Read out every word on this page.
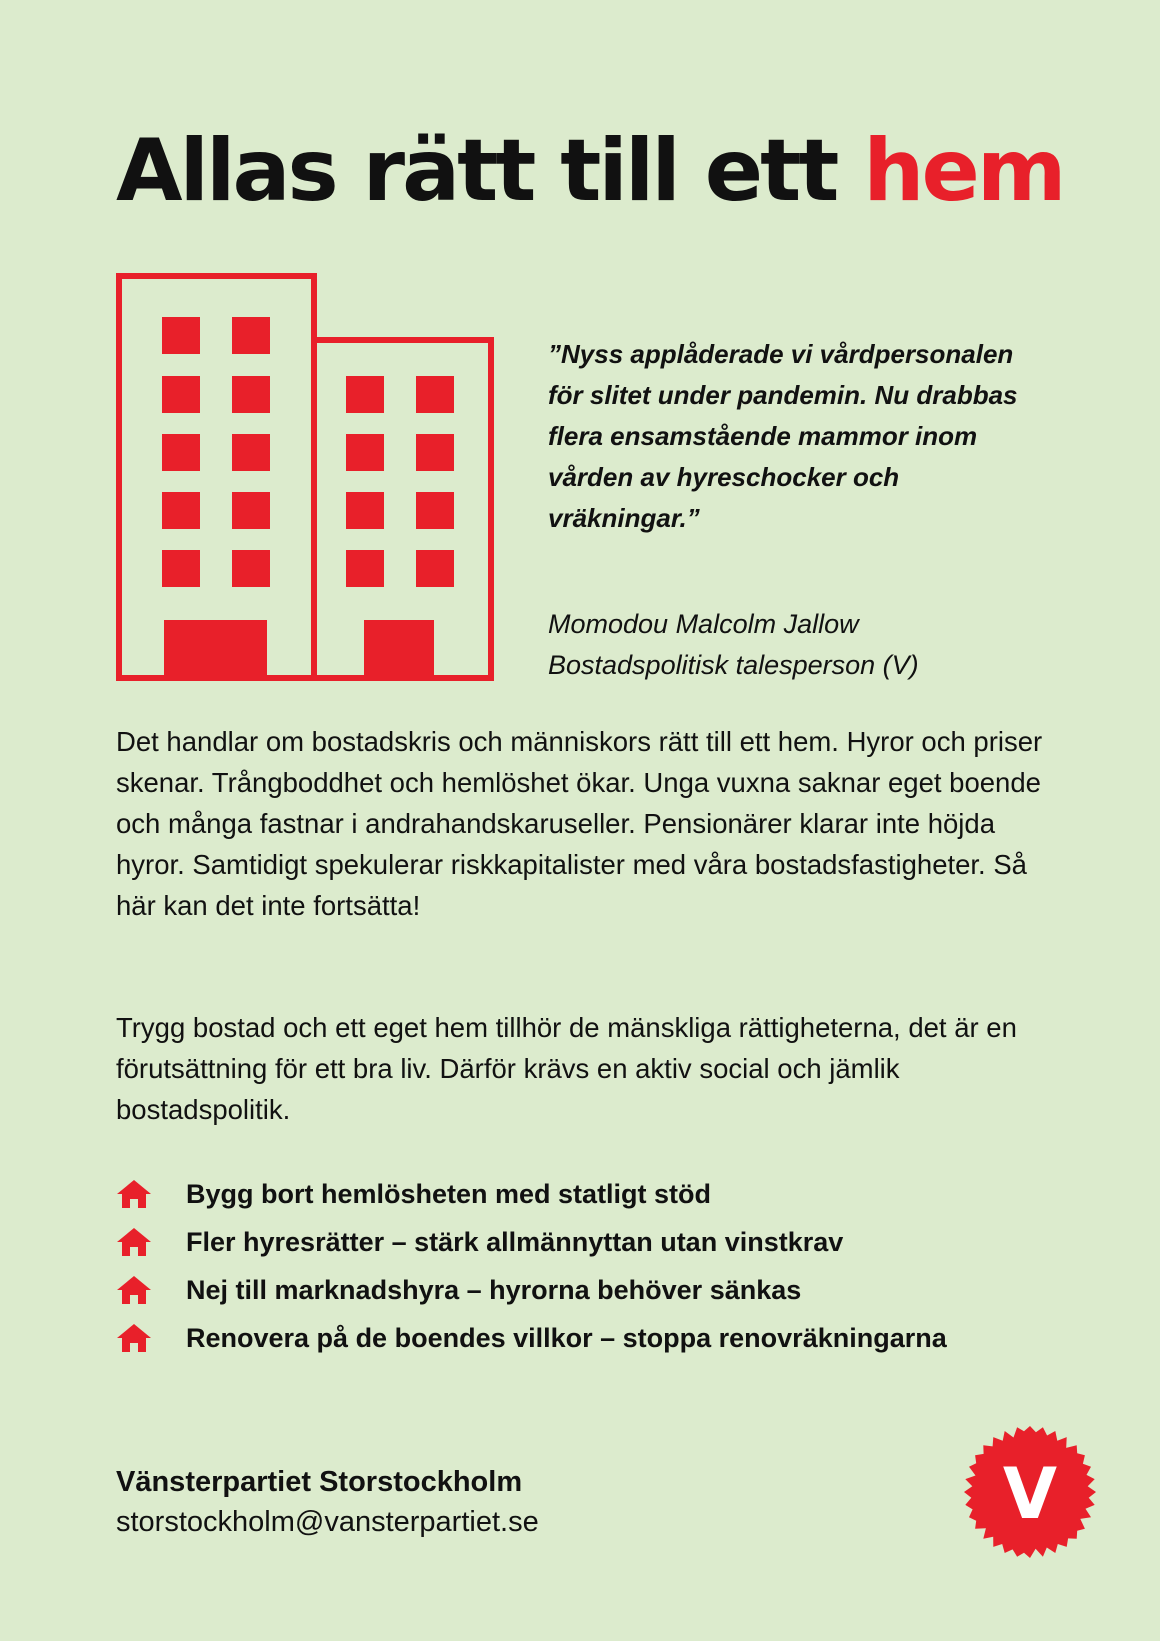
Allas rätt till ett hem

”Nyss applåderade vi vårdpersonalen för slitet under pandemin. Nu drabbas flera ensamstående mammor inom vården av hyreschocker och vräkningar.”

Momodou Malcolm Jallow
Bostadspolitisk talesperson (V)

Det handlar om bostadskris och människors rätt till ett hem. Hyror och priser skenar. Trångboddhet och hemlöshet ökar. Unga vuxna saknar eget boende och många fastnar i andrahandskaruseller. Pensionärer klarar inte höjda hyror. Samtidigt spekulerar riskkapitalister med våra bostadsfastigheter. Så här kan det inte fortsätta!

Trygg bostad och ett eget hem tillhör de mänskliga rättigheterna, det är en förutsättning för ett bra liv. Därför krävs en aktiv social och jämlik bostadspolitik.

Bygg bort hemlösheten med statligt stöd
Fler hyresrätter – stärk allmännyttan utan vinstkrav
Nej till marknadshyra – hyrorna behöver sänkas
Renovera på de boendes villkor – stoppa renovräkningarna
Vänsterpartiet Storstockholm
storstockholm@vansterpartiet.se	V
